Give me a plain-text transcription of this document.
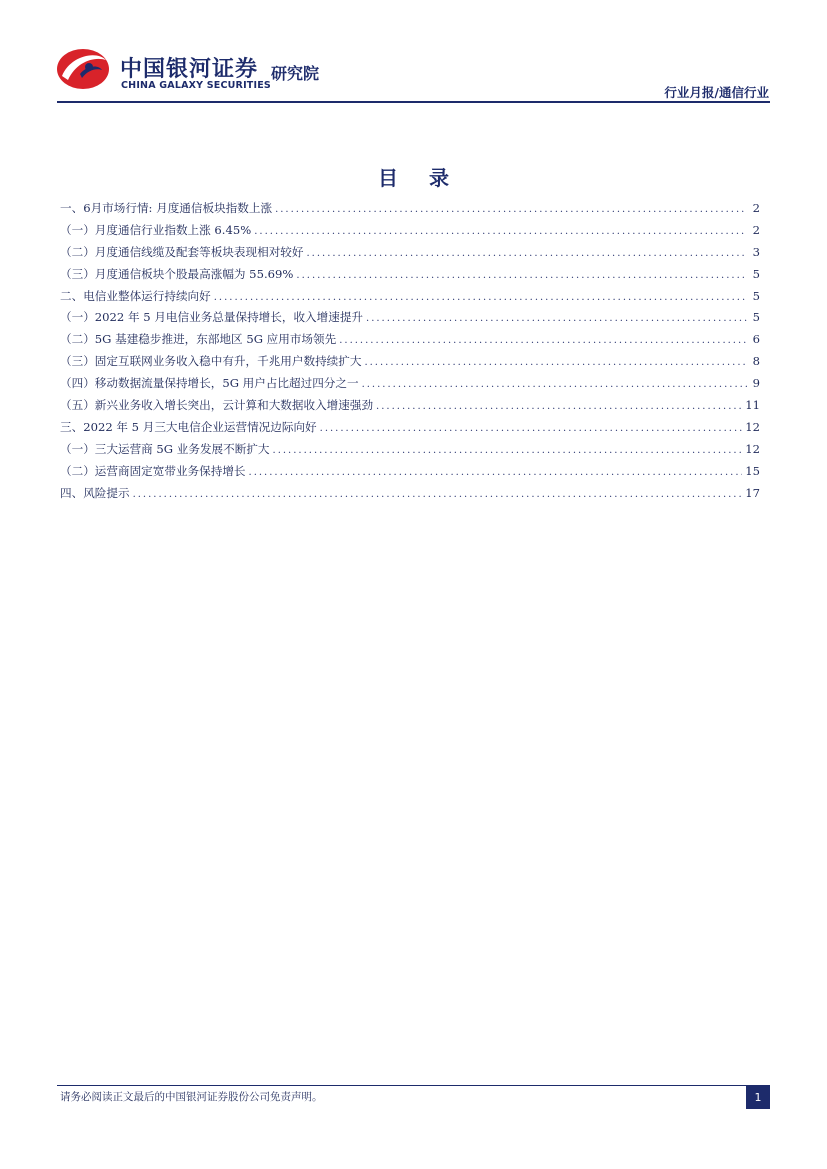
中国银河证券
CHINA GALAXY SECURITIES
研究院
行业月报/通信行业
目 录
一、6月市场行情: 月度通信板块指数上涨 .....	2
（一）月度通信行业指数上涨 6.45% .....	2
（二）月度通信线缆及配套等板块表现相对较好 .....	3
（三）月度通信板块个股最高涨幅为 55.69% .....	5
二、电信业整体运行持续向好 .....	5
（一）2022 年 5 月电信业务总量保持增长，收入增速提升 .....	5
（二）5G 基建稳步推进，东部地区 5G 应用市场领先 .....	6
（三）固定互联网业务收入稳中有升，千兆用户数持续扩大 .....	8
（四）移动数据流量保持增长，5G 用户占比超过四分之一 .....	9
（五）新兴业务收入增长突出，云计算和大数据收入增速强劲 .....	11
三、2022 年 5 月三大电信企业运营情况边际向好 .....	12
（一）三大运营商 5G 业务发展不断扩大 .....	12
（二）运营商固定宽带业务保持增长 .....	15
四、风险提示 .....	17
请务必阅读正文最后的中国银河证券股份公司免责声明。	1
